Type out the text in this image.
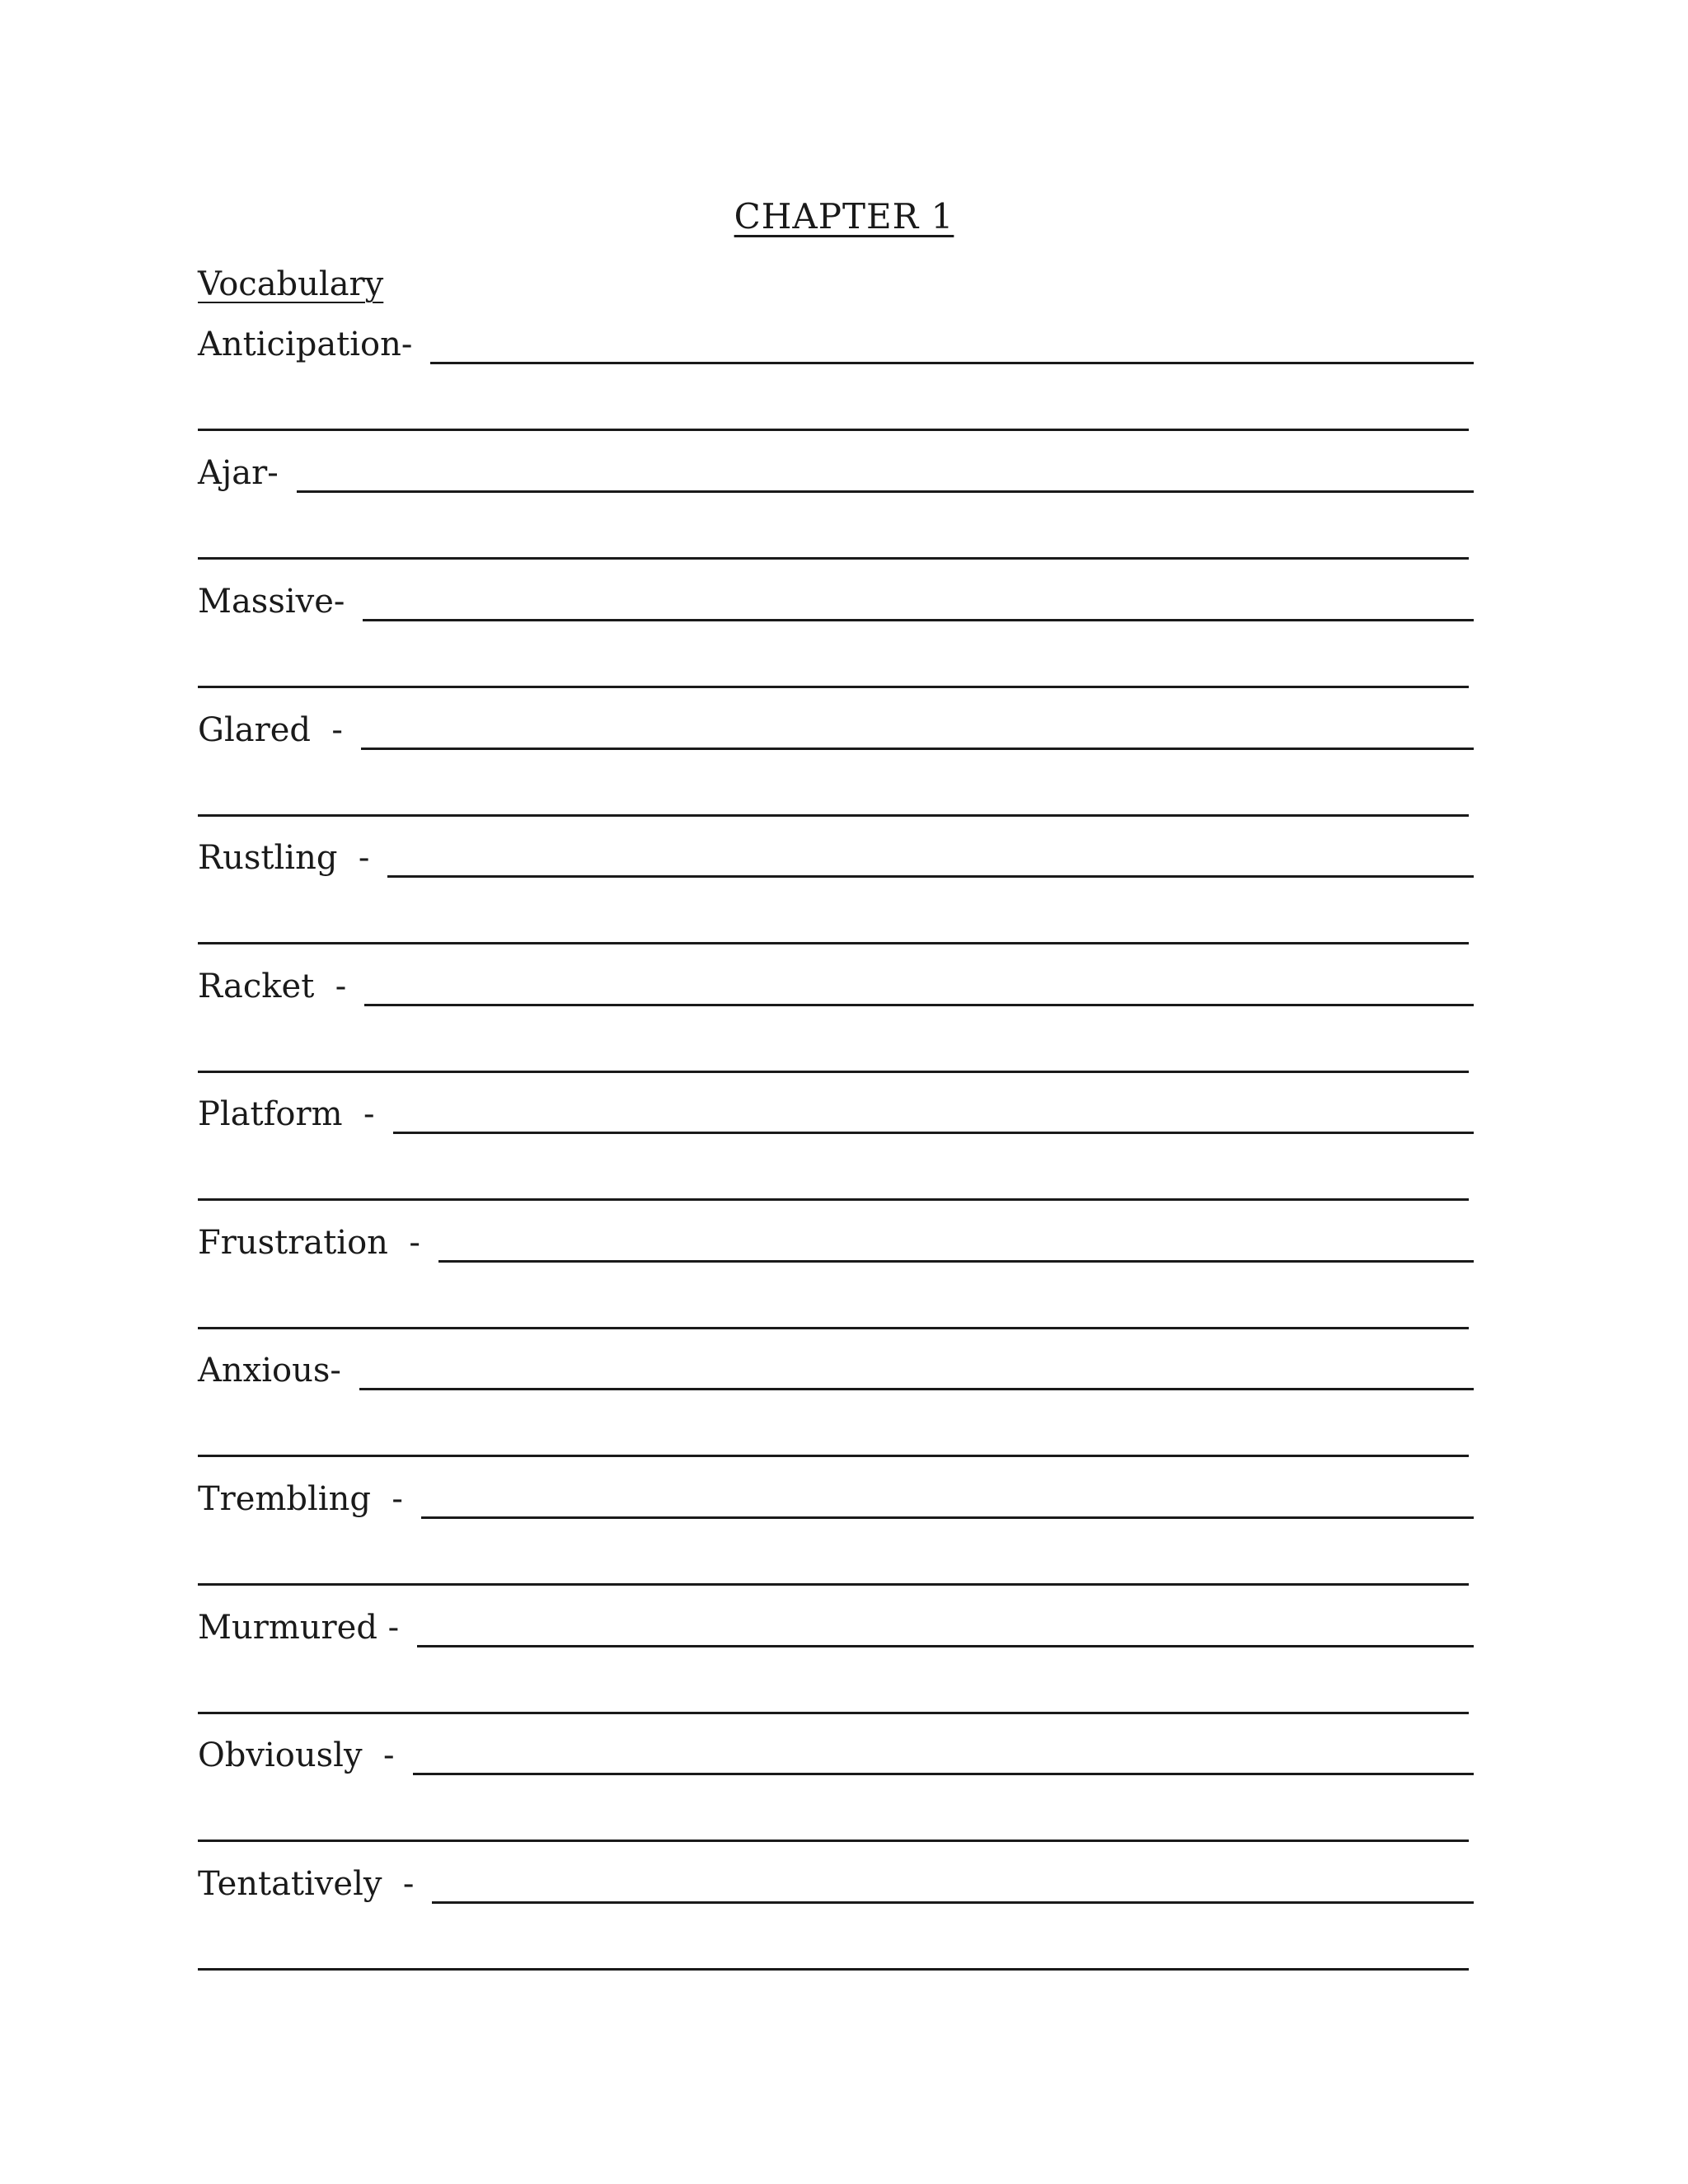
CHAPTER 1
Vocabulary
Anticipation-
Ajar-
Massive-
Glared  -
Rustling  -
Racket  -
Platform  -
Frustration  -
Anxious-
Trembling  -
Murmured -
Obviously  -
Tentatively  -
